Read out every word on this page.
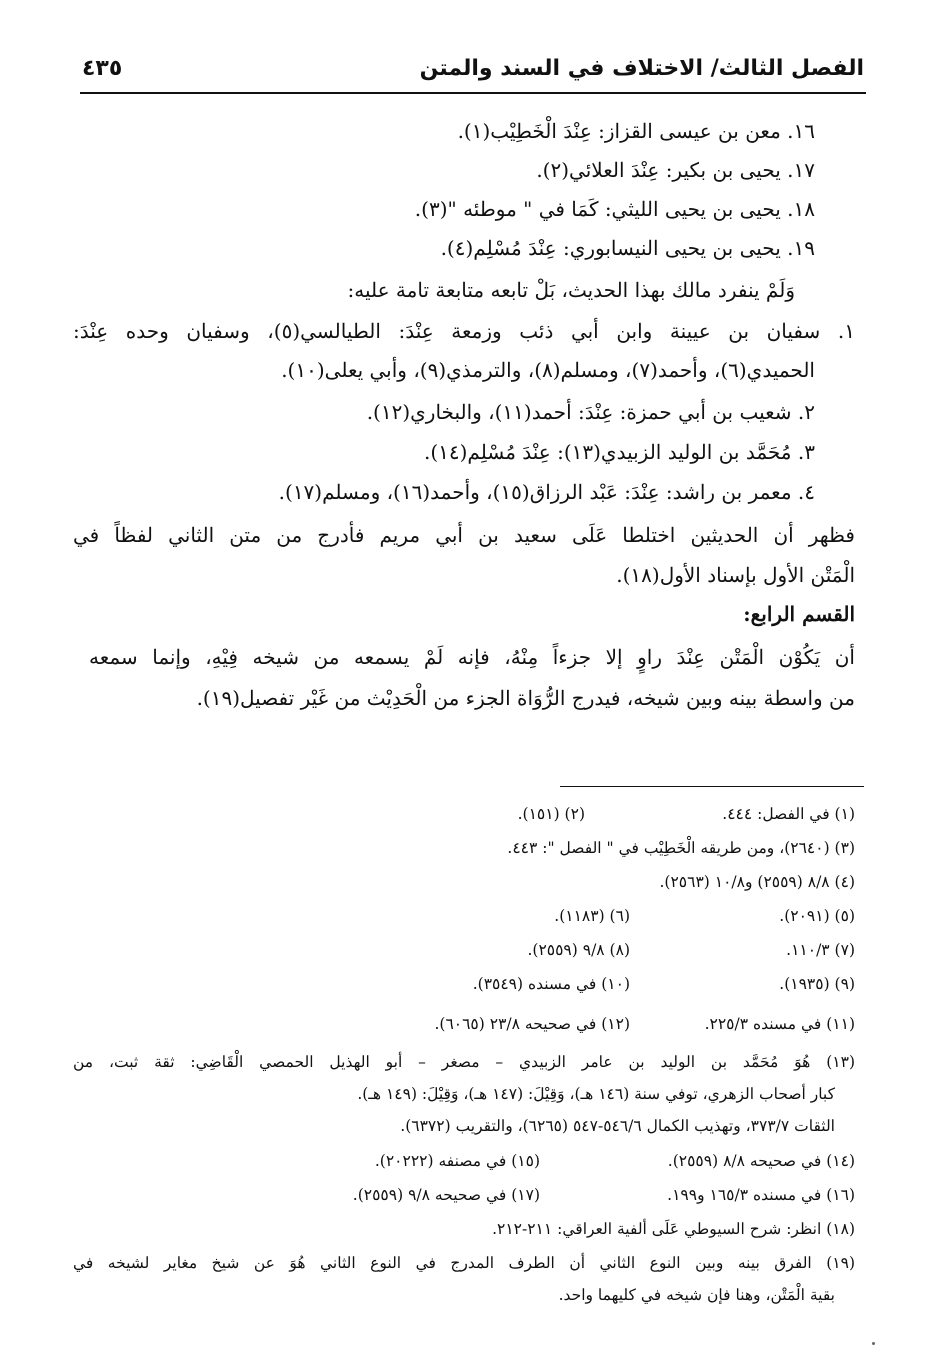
الفصل الثالث/ الاختلاف في السند والمتن
٤٣٥
١٦. معن بن عيسى القزاز: عِنْدَ الْخَطِيْب(١).
١٧. يحيى بن بكير: عِنْدَ العلائي(٢).
١٨. يحيى بن يحيى الليثي: كَمَا في " موطئه "(٣).
١٩. يحيى بن يحيى النيسابوري: عِنْدَ مُسْلِم(٤).
وَلَمْ ينفرد مالك بهذا الحديث، بَلْ تابعه متابعة تامة عليه:
١. سفيان بن عيينة وابن أبي ذئب وزمعة عِنْدَ: الطيالسي(٥)، وسفيان وحده عِنْدَ:
الحميدي(٦)، وأحمد(٧)، ومسلم(٨)، والترمذي(٩)، وأبي يعلى(١٠).
٢. شعيب بن أبي حمزة: عِنْدَ: أحمد(١١)، والبخاري(١٢).
٣. مُحَمَّد بن الوليد الزبيدي(١٣): عِنْدَ مُسْلِم(١٤).
٤. معمر بن راشد: عِنْدَ: عَبْد الرزاق(١٥)، وأحمد(١٦)، ومسلم(١٧).
فظهر أن الحديثين اختلطا عَلَى سعيد بن أبي مريم فأدرج من متن الثاني لفظاً في
الْمَتْن الأول بإسناد الأول(١٨).
القسم الرابع:
أن يَكُوْن الْمَتْن عِنْدَ راوٍ إلا جزءاً مِنْهُ، فإنه لَمْ يسمعه من شيخه فِيْهِ، وإنما سمعه
من واسطة بينه وبين شيخه، فيدرج الرُّوَاة الجزء من الْحَدِيْث من غَيْر تفصيل(١٩).
(١) في الفصل: ٤٤٤.
(٢) (١٥١).
(٣) (٢٦٤٠)، ومن طريقه الْخَطِيْب في " الفصل ": ٤٤٣.
(٤) ٨/٨ (٢٥٥٩) و١٠/٨ (٢٥٦٣).
(٥) (٢٠٩١).
(٦) (١١٨٣).
(٧) ١١٠/٣.
(٨) ٩/٨ (٢٥٥٩).
(٩) (١٩٣٥).
(١٠) في مسنده (٣٥٤٩).
(١١) في مسنده ٢٢٥/٣.
(١٢) في صحيحه ٢٣/٨ (٦٠٦٥).
(١٣) هُوَ مُحَمَّد بن الوليد بن عامر الزبيدي – مصغر – أبو الهذيل الحمصي الْقَاضِي: ثقة ثبت، من
كبار أصحاب الزهري، توفي سنة (١٤٦ هـ)، وَقِيْلَ: (١٤٧ هـ)، وَقِيْلَ: (١٤٩ هـ).
الثقات ٣٧٣/٧، وتهذيب الكمال ٥٤٦/٦-٥٤٧ (٦٢٦٥)، والتقريب (٦٣٧٢).
(١٤) في صحيحه ٨/٨ (٢٥٥٩).
(١٥) في مصنفه (٢٠٢٢٢).
(١٦) في مسنده ١٦٥/٣ و١٩٩.
(١٧) في صحيحه ٩/٨ (٢٥٥٩).
(١٨) انظر: شرح السيوطي عَلَى ألفية العراقي: ٢١١-٢١٢.
(١٩) الفرق بينه وبين النوع الثاني أن الطرف المدرج في النوع الثاني هُوَ عن شيخ مغاير لشيخه في
بقية الْمَتْن، وهنا فإن شيخه في كليهما واحد.
